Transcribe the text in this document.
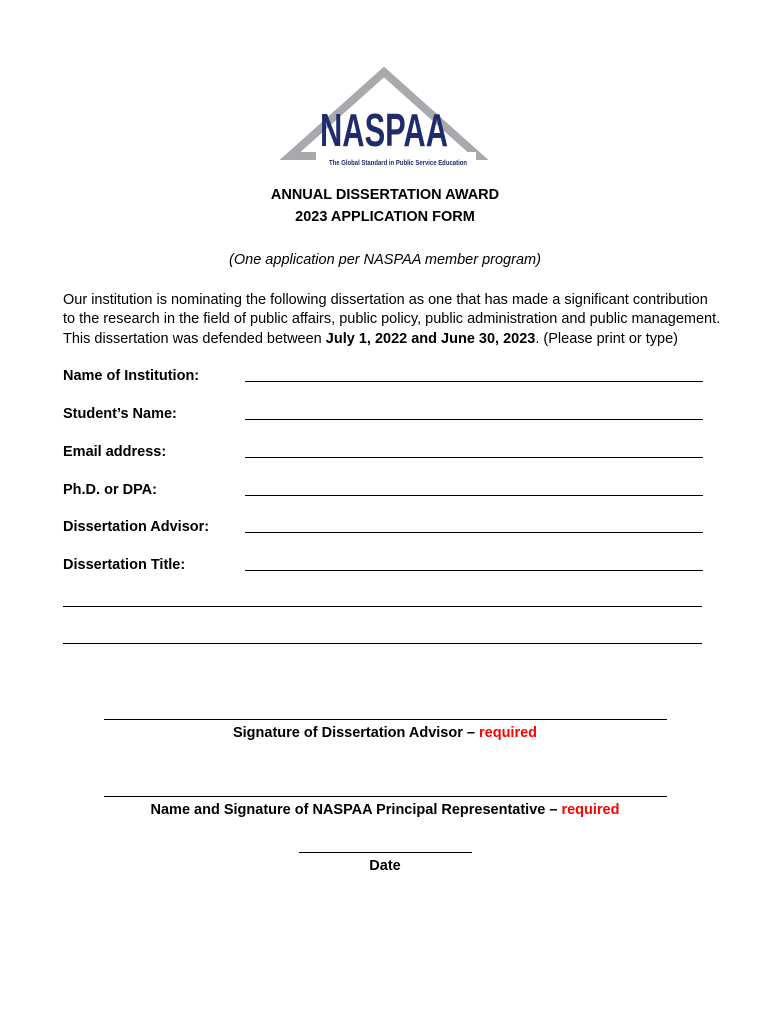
NASPAA
The Global Standard in Public Service Education
ANNUAL DISSERTATION AWARD
2023 APPLICATION FORM
(One application per NASPAA member program)
Our institution is nominating the following dissertation as one that has made a significant contribution
to the research in the field of public affairs, public policy, public administration and public management.
This dissertation was defended between July 1, 2022 and June 30, 2023. (Please print or type)
Name of Institution:
Student’s Name:
Email address:
Ph.D. or DPA:
Dissertation Advisor:
Dissertation Title:
Signature of Dissertation Advisor – required
Name and Signature of NASPAA Principal Representative – required
Date
